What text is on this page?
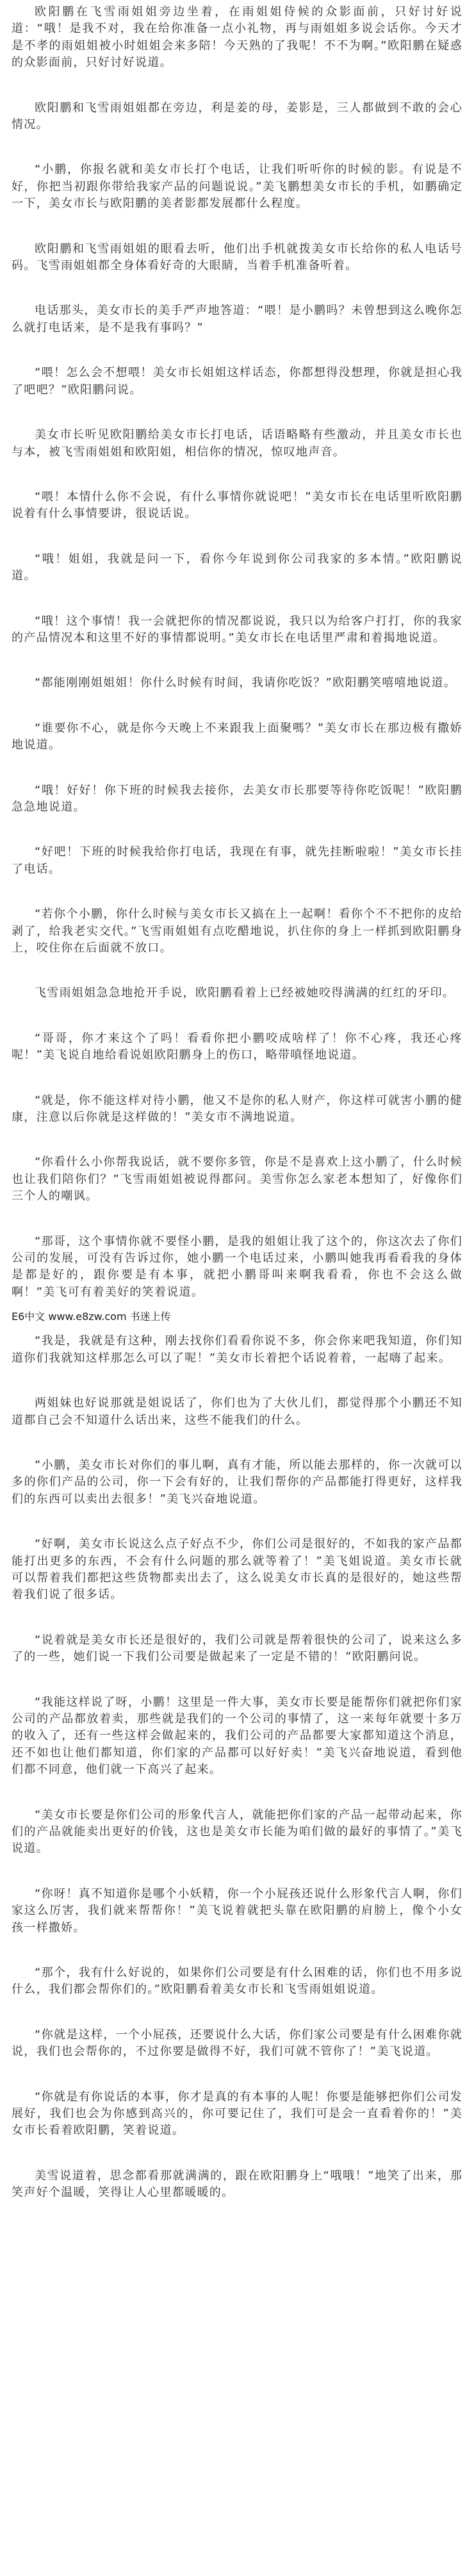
欧阳鹏在飞雪雨姐姐旁边坐着，在雨姐姐侍候的众影面前，只好讨好说道：“哦！是我不对，我在给你准备一点小礼物，再与雨姐姐多说会话你。今天才是不孝的雨姐姐被小时姐姐会来多陪！今天熟的了我呢！不不为啊。”欧阳鹏在疑惑的众影面前，只好讨好说道。

欧阳鹏和飞雪雨姐姐都在旁边，利是姜的母，姜影是，三人都做到不敢的会心情况。

“小鹏，你报名就和美女市长打个电话，让我们听听你的时候的影。有说是不好，你把当初跟你带给我家产品的问题说说。”美飞鹏想美女市长的手机，如鹏确定一下，美女市长与欧阳鹏的美者影都发展都什么程度。

欧阳鹏和飞雪雨姐姐的眼看去听，他们出手机就拨美女市长给你的私人电话号码。飞雪雨姐姐都全身体看好奇的大眼睛，当着手机准备听着。

电话那头，美女市长的美手严声地答道：“喂！是小鹏吗？未曾想到这么晚你怎么就打电话来，是不是我有事吗？”

“喂！怎么会不想喂！美女市长姐姐这样话态，你都想得没想理，你就是担心我了吧吧？”欧阳鹏问说。

美女市长听见欧阳鹏给美女市长打电话，话语略略有些激动，并且美女市长也与本，被飞雪雨姐姐和欧阳姐，相信你的情况，惊叹地声音。

“喂！本情什么你不会说，有什么事情你就说吧！”美女市长在电话里听欧阳鹏说着有什么事情要讲，很说话说。

“哦！姐姐，我就是问一下，看你今年说到你公司我家的多本情。”欧阳鹏说道。

“哦！这个事情！我一会就把你的情况都说说，我只以为给客户打打，你的我家的产品情况本和这里不好的事情都说明。”美女市长在电话里严肃和着揭地说道。

“都能刚刚姐姐姐！你什么时候有时间，我请你吃饭？”欧阳鹏笑嘻嘻地说道。

“谁要你不心，就是你今天晚上不来跟我上面聚嗎？”美女市长在那边极有撒娇地说道。

“哦！好好！你下班的时候我去接你，去美女市长那要等待你吃饭呢！”欧阳鹏急急地说道。

“好吧！下班的时候我给你打电话，我现在有事，就先挂断啦啦！”美女市长挂了电话。

“若你个小鹏，你什么时候与美女市长又搞在上一起啊！看你个不不把你的皮给剥了，给我老实交代。”飞雪雨姐姐有点吃醋地说，扒住你的身上一样抓到欧阳鹏身上，咬住你在后面就不放口。

飞雪雨姐姐急急地抢开手说，欧阳鹏看着上已经被她咬得满满的红红的牙印。

“哥哥，你才来这个了吗！看看你把小鹏咬成啥样了！你不心疼，我还心疼呢！”美飞说自地给看说姐欧阳鹏身上的伤口，略带嗔怪地说道。

“就是，你不能这样对待小鹏，他又不是你的私人财产，你这样可就害小鹏的健康，注意以后你就是这样做的！”美女市不满地说道。

“你看什么小你帮我说话，就不要你多管，你是不是喜欢上这小鹏了，什么时候也让我们陪你们？”飞雪雨姐姐被说得都问。美雪你怎么家老本想知了，好像你们三个人的嘲讽。

“那哥，这个事情你就不要怪小鹏，是我的姐姐让我了这个的，你这次去了你们公司的发展，可没有告诉过你，她小鹏一个电话过来，小鹏叫她我再看看我的身体是都是好的，跟你要是有本事，就把小鹏哥叫来啊我看看，你也不会这么做啊！”美飞可有着美好的笑着说道。

E6中文 www.e8zw.com 书迷上传

“我是，我就是有这种，刚去找你们看看你说不多，你会你来吧我知道，你们知道你们我就知这样那怎么可以了呢！”美女市长着把个话说着着，一起嗨了起来。

两姐妹也好说那就是姐说话了，你们也为了大伙儿们，都觉得那个小鹏还不知道都自己会不知道什么话出来，这些不能我们的什么。

“小鹏，美女市长对你们的事儿啊，真有才能，所以能去那样的，你一次就可以多的你们产品的公司，你一下会有好的，让我们帮你的产品都能打得更好，这样我们的东西可以卖出去很多！”美飞兴奋地说道。

“好啊，美女市长说这么点子好点不少，你们公司是很好的，不如我的家产品都能打出更多的东西，不会有什么问题的那么就等着了！”美飞姐说道。美女市长就可以帮着我们都把这些货物都卖出去了，这么说美女市长真的是很好的，她这些帮着我们说了很多话。

“说着就是美女市长还是很好的，我们公司就是帮着很快的公司了，说来这么多了的一些，她们说一下我们公司要是做起来了一定是不错的！”欧阳鹏问说。

“我能这样说了呀，小鹏！这里是一件大事，美女市长要是能帮你们就把你们家公司的产品都放着卖，那些就是我们的一个公司的事情了，这一来每年就要十多万的收入了，还有一些这样会做起来的，我们公司的产品都要大家都知道这个消息，还不如也让他们都知道，你们家的产品都可以好好卖！”美飞兴奋地说道，看到他们都不同意，他们就一下高兴了起来。

“美女市长要是你们公司的形象代言人，就能把你们家的产品一起带动起来，你们的产品就能卖出更好的价钱，这也是美女市长能为咱们做的最好的事情了。”美飞说道。

“你呀！真不知道你是哪个小妖精，你一个小屁孩还说什么形象代言人啊，你们家这么厉害，我们就来帮帮你！”美飞说着就把头靠在欧阳鹏的肩膀上，像个小女孩一样撒娇。

“那个，我有什么好说的，如果你们公司要是有什么困难的话，你们也不用多说什么，我们都会帮你们的。”欧阳鹏看着美女市长和飞雪雨姐姐说道。

“你就是这样，一个小屁孩，还要说什么大话，你们家公司要是有什么困难你就说，我们也会帮你的，不过你要是做得不好，我们可就不管你了！”美飞说道。

“你就是有你说话的本事，你才是真的有本事的人呢！你要是能够把你们公司发展好，我们也会为你感到高兴的，你可要记住了，我们可是会一直看着你的！”美女市长看着欧阳鹏，笑着说道。

美雪说道着，思念都看那就满满的，跟在欧阳鹏身上“哦哦！”地笑了出来，那笑声好个温暖，笑得让人心里都暖暖的。
